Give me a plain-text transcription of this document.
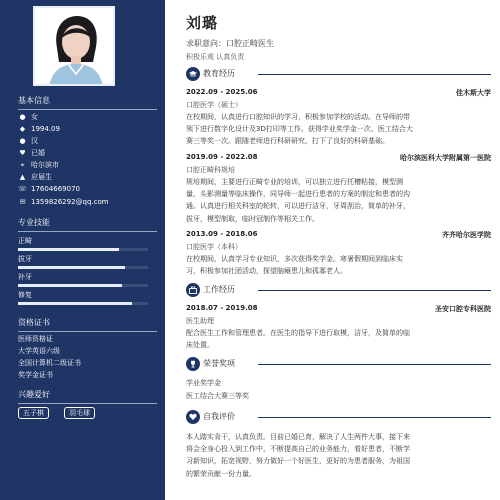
基本信息
● 女
◆ 1994.09
● 汉
♥ 已婚
⌖ 哈尔滨市
▲ 应届生
☏ 17604669070
✉ 1359826292@qq.com
专业技能
正畸
拔牙
补牙
修复
资格证书
医师资格证
大学英语六级
全国计算机二级证书
奖学金证书
兴趣爱好
五子棋	羽毛球
刘璐
求职意向：口腔正畸医生
积极乐观 认真负责
教育经历
2022.09 - 2025.06	佳木斯大学
口腔医学（硕士）
在校期间，认真进行口腔知识的学习，积极参加学校的活动。在导师的带
领下进行数字化设计及3D打印等工作。获得学业奖学金一次、医工结合大
赛三等奖一次。跟随老师进行科研研究，打下了良好的科研基础。
2019.09 - 2022.08	哈尔滨医科大学附属第一医院
口腔正畸科规培
规培期间，主要进行正畸专业的培训，可以独立进行托槽粘接，模型测
量，头影测量等临床操作，同导师一起进行患者的方案的制定和患者的沟
通。认真进行相关科室的轮转，可以进行洁牙，牙周刮治，简单的补牙，
拔牙，模型制取，临时冠制作等相关工作。
2013.09 - 2018.06	齐齐哈尔医学院
口腔医学（本科）
在校期间，认真学习专业知识，多次获得奖学金。寒暑假期间到临床实
习，积极参加社团活动，探望脑瘫患儿和孤寡老人。
工作经历
2018.07 - 2019.08	圣安口腔专科医院
医生助理
配合医生工作和管理患者。在医生的指导下进行取模，洁牙，及简单的临
床处置。
荣誉奖项
学业奖学金
医工结合大赛三等奖
自我评价
本人踏实肯干，认真负责。目前已婚已育，解决了人生两件大事，接下来
将会全身心投入到工作中，不断提高自己的业务能力，看好患者，不断学
习新知识，拓宽视野，努力做好一个好医生，更好的为患者服务，为祖国
的繁荣贡献一份力量。
